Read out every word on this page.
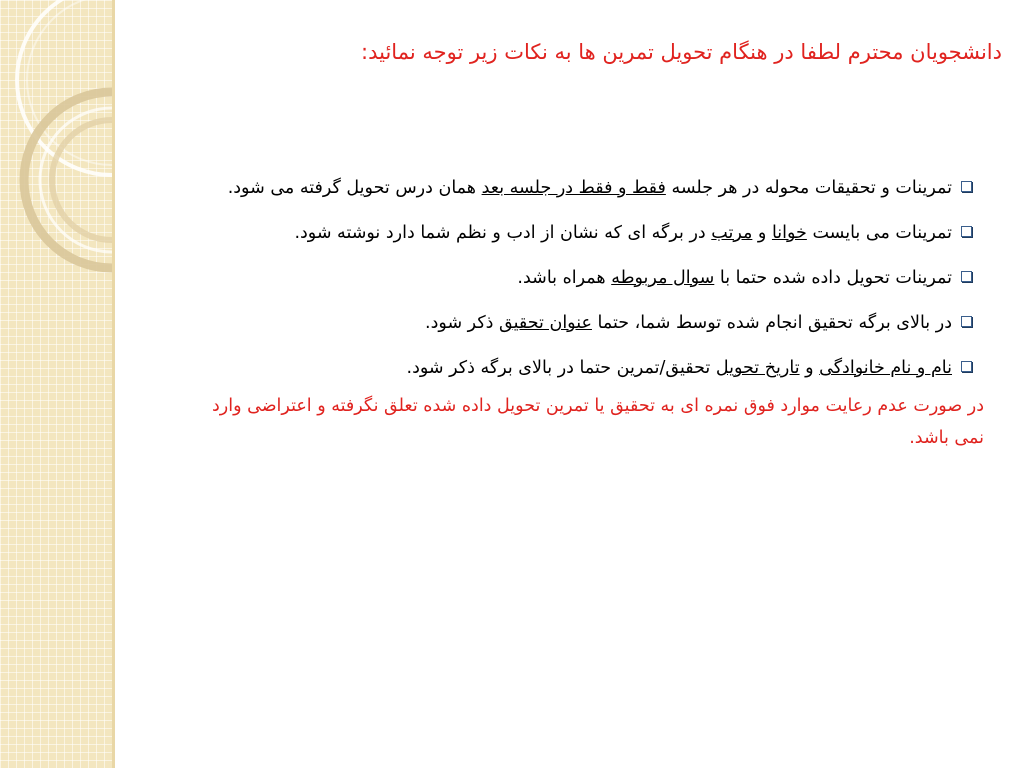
دانشجویان محترم لطفا در هنگام تحویل تمرین ها به نکات زیر توجه نمائید:
تمرینات و تحقیقات محوله در هر جلسه فقط و فقط در جلسه بعد همان درس تحویل گرفته می شود.
تمرینات می بایست خوانا و مرتب در برگه ای که نشان از ادب و نظم شما دارد نوشته شود.
تمرینات تحویل داده شده حتما با سوال مربوطه همراه باشد.
در بالای برگه تحقیق انجام شده توسط شما، حتما عنوان تحقیق ذکر شود.
نام و نام خانوادگی و تاریخ تحویل تحقیق/تمرین حتما در بالای برگه ذکر شود.
در صورت عدم رعایت موارد فوق نمره ای به تحقیق یا تمرین تحویل داده شده تعلق نگرفته و اعتراضی وارد نمی باشد.
